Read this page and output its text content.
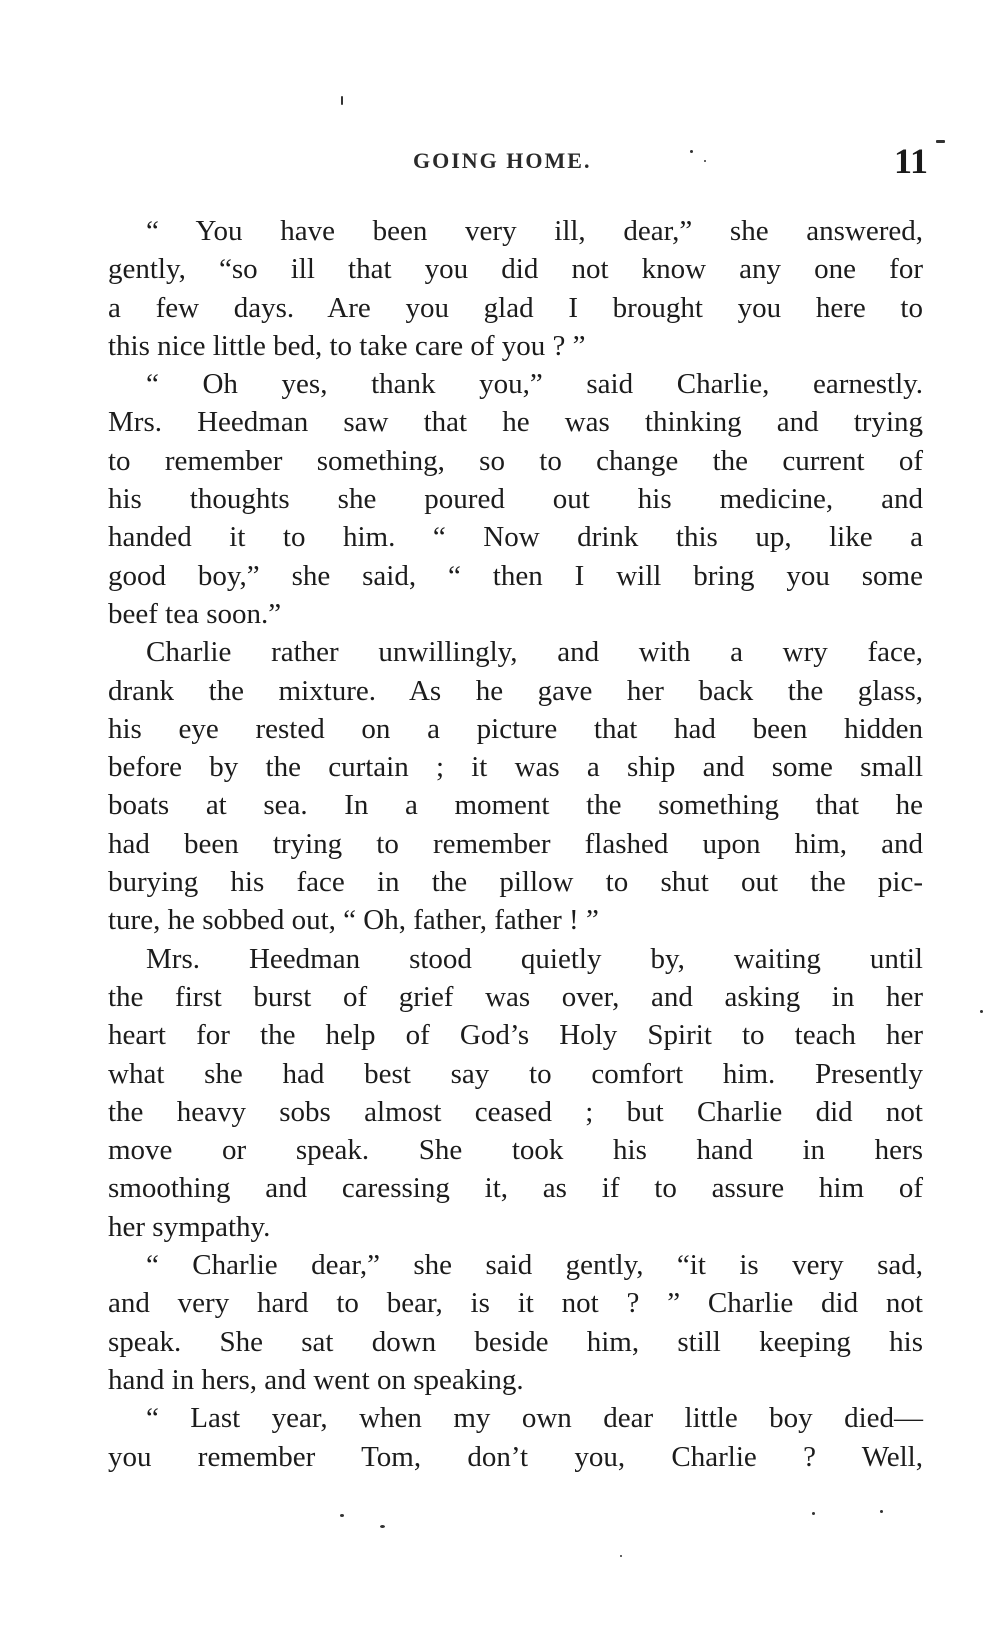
GOING HOME.	11
“ You have been very ill, dear,” she answered,
gently, “so ill that you did not know any one for
a few days. Are you glad I brought you here to
this nice little bed, to take care of you ? ”
“ Oh yes, thank you,” said Charlie, earnestly.
Mrs. Heedman saw that he was thinking and trying
to remember something, so to change the current of
his thoughts she poured out his medicine, and
handed it to him. “ Now drink this up, like a
good boy,” she said, “ then I will bring you some
beef tea soon.”
Charlie rather unwillingly, and with a wry face,
drank the mixture. As he gave her back the glass,
his eye rested on a picture that had been hidden
before by the curtain ; it was a ship and some small
boats at sea. In a moment the something that he
had been trying to remember flashed upon him, and
burying his face in the pillow to shut out the pic-
ture, he sobbed out, “ Oh, father, father ! ”
Mrs. Heedman stood quietly by, waiting until
the first burst of grief was over, and asking in her
heart for the help of God’s Holy Spirit to teach her
what she had best say to comfort him. Presently
the heavy sobs almost ceased ; but Charlie did not
move or speak. She took his hand in hers
smoothing and caressing it, as if to assure him of
her sympathy.
“ Charlie dear,” she said gently, “it is very sad,
and very hard to bear, is it not ? ” Charlie did not
speak. She sat down beside him, still keeping his
hand in hers, and went on speaking.
“ Last year, when my own dear little boy died—
you remember Tom, don’t you, Charlie ? Well,
